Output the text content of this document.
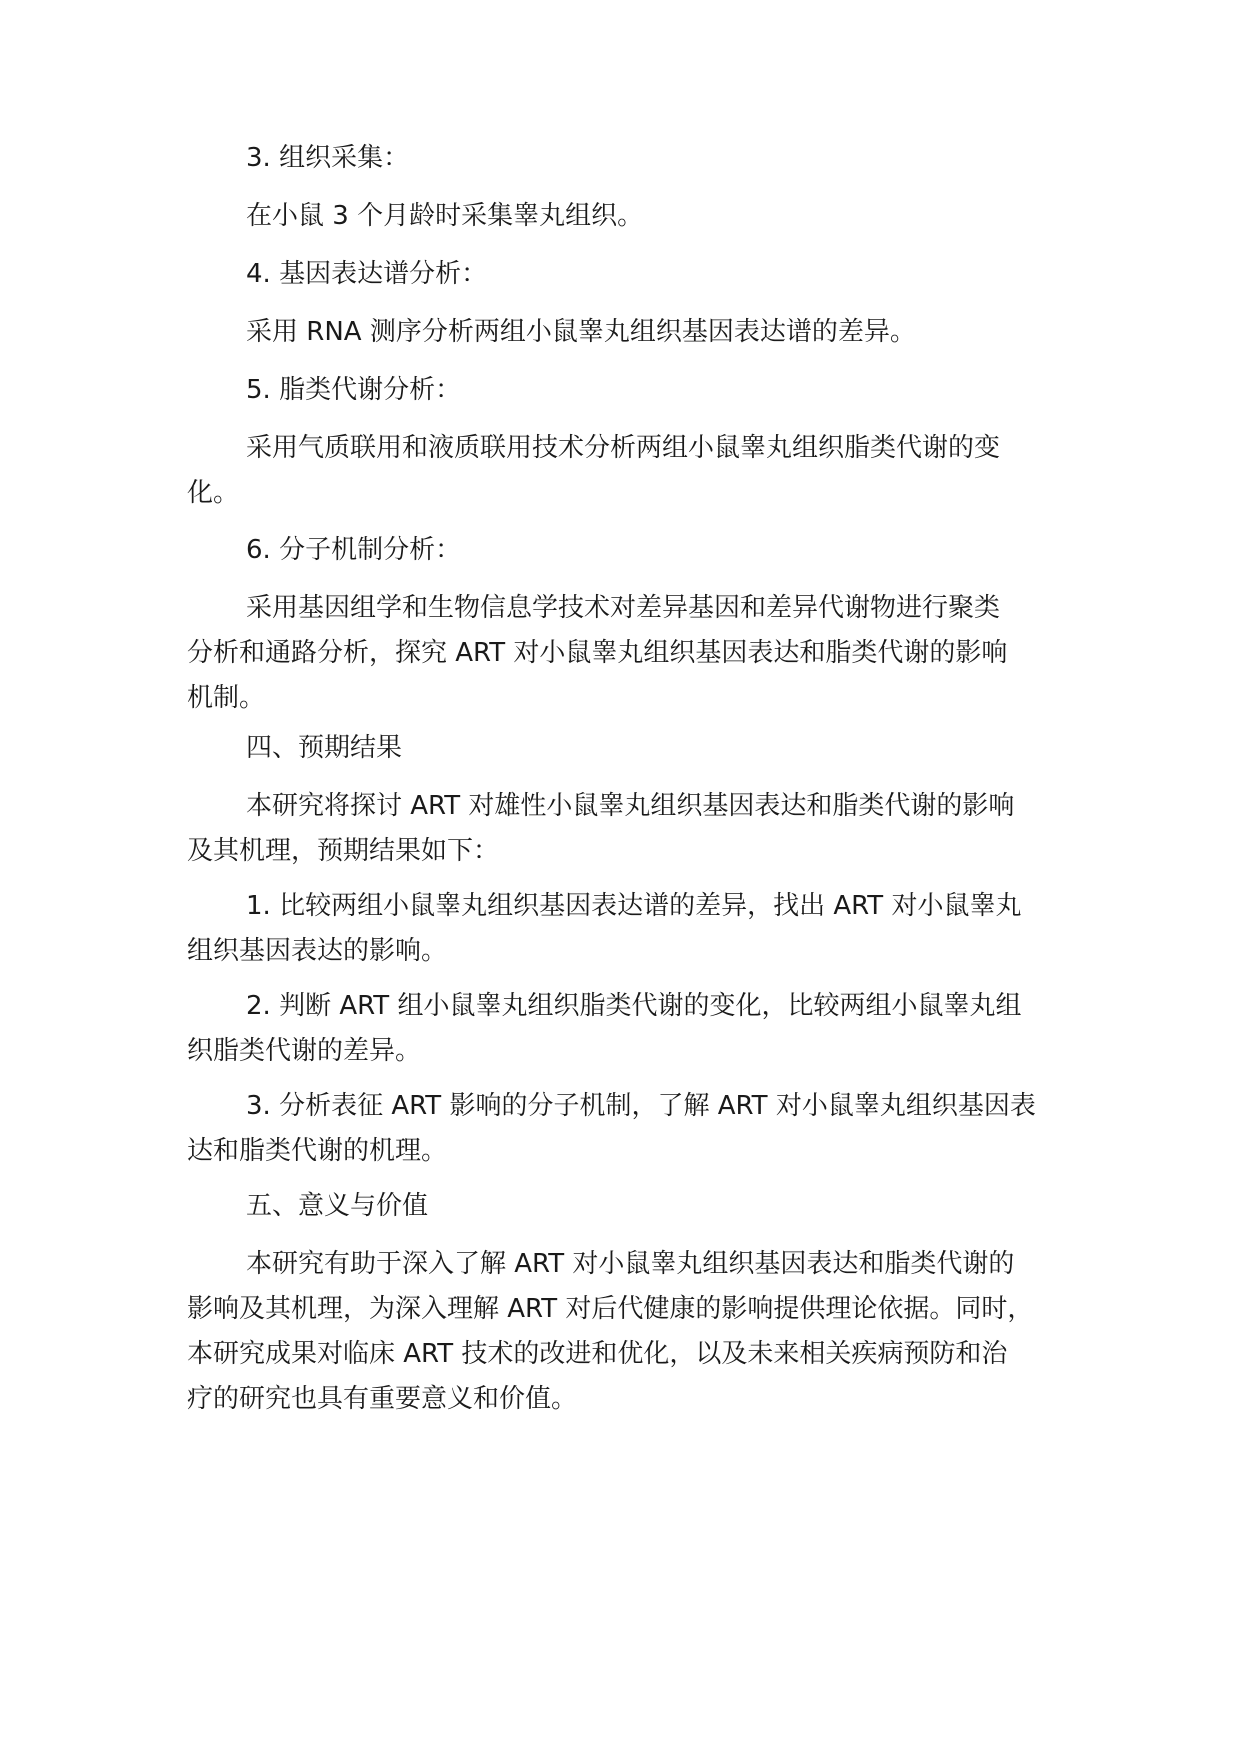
3. 组织采集：

在小鼠 3 个月龄时采集睾丸组织。

4. 基因表达谱分析：

采用 RNA 测序分析两组小鼠睾丸组织基因表达谱的差异。

5. 脂类代谢分析：

采用气质联用和液质联用技术分析两组小鼠睾丸组织脂类代谢的变
化。

6. 分子机制分析：

采用基因组学和生物信息学技术对差异基因和差异代谢物进行聚类
分析和通路分析，探究 ART 对小鼠睾丸组织基因表达和脂类代谢的影响
机制。

四、预期结果

本研究将探讨 ART 对雄性小鼠睾丸组织基因表达和脂类代谢的影响
及其机理，预期结果如下：

1. 比较两组小鼠睾丸组织基因表达谱的差异，找出 ART 对小鼠睾丸
组织基因表达的影响。

2. 判断 ART 组小鼠睾丸组织脂类代谢的变化，比较两组小鼠睾丸组
织脂类代谢的差异。

3. 分析表征 ART 影响的分子机制，了解 ART 对小鼠睾丸组织基因表
达和脂类代谢的机理。

五、意义与价值

本研究有助于深入了解 ART 对小鼠睾丸组织基因表达和脂类代谢的
影响及其机理，为深入理解 ART 对后代健康的影响提供理论依据。同时，
本研究成果对临床 ART 技术的改进和优化，以及未来相关疾病预防和治
疗的研究也具有重要意义和价值。
